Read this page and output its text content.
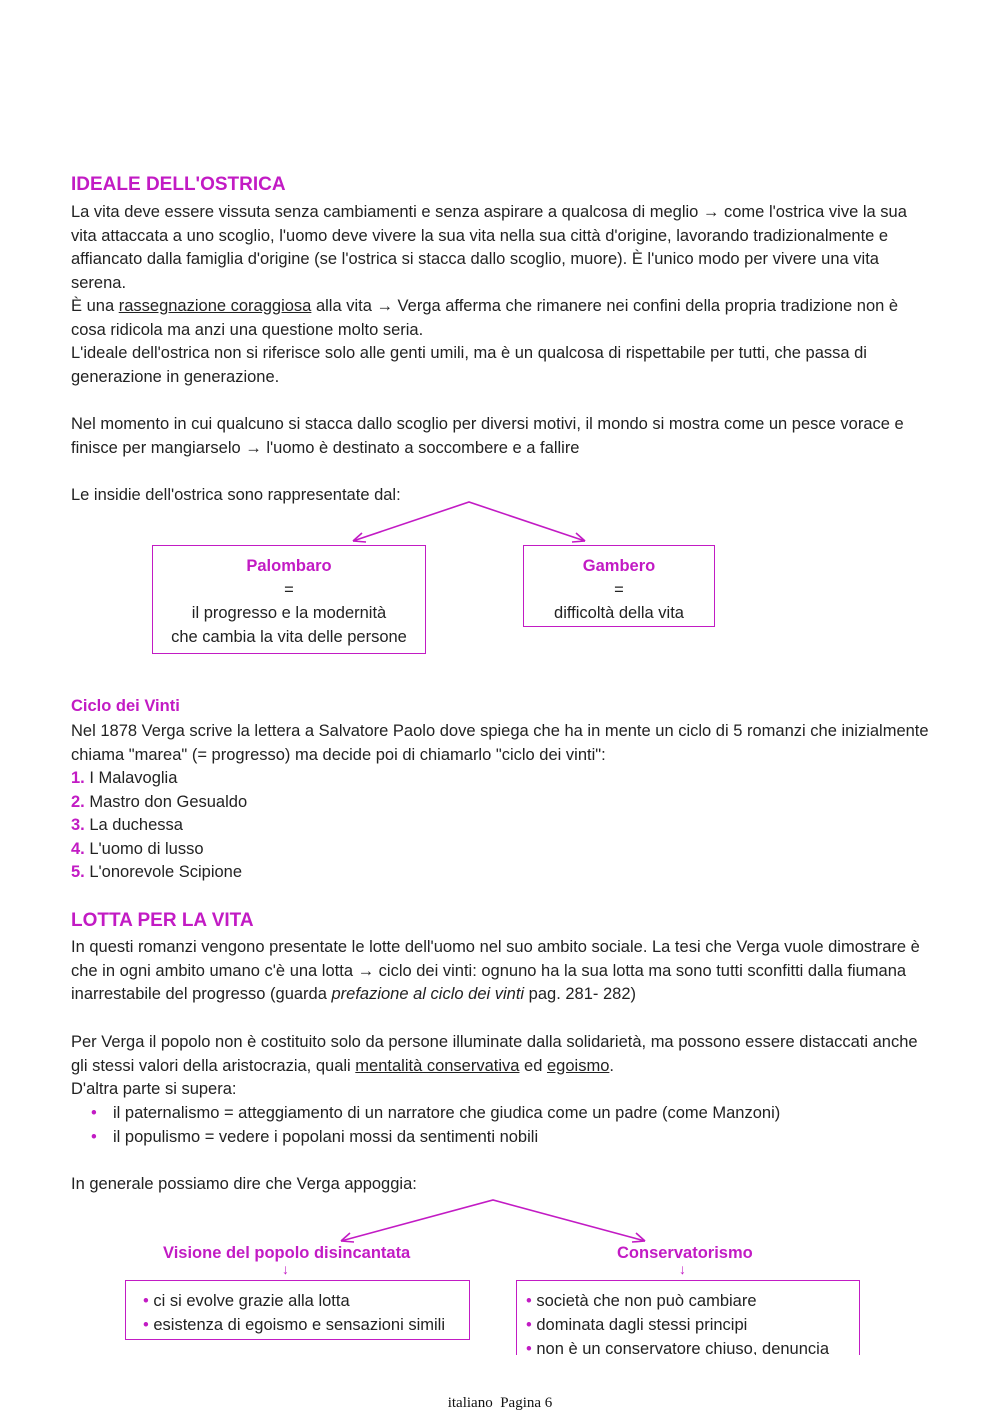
IDEALE DELL'OSTRICA

La vita deve essere vissuta senza cambiamenti e senza aspirare a qualcosa di meglio → come l'ostrica vive la sua vita attaccata a uno scoglio, l'uomo deve vivere la sua vita nella sua città d'origine, lavorando tradizionalmente e affiancato dalla famiglia d'origine (se l'ostrica si stacca dallo scoglio, muore). È l'unico modo per vivere una vita serena.

È una rassegnazione coraggiosa alla vita → Verga afferma che rimanere nei confini della propria tradizione non è cosa ridicola ma anzi una questione molto seria.

L'ideale dell'ostrica non si riferisce solo alle genti umili, ma è un qualcosa di rispettabile per tutti, che passa di generazione in generazione.

Nel momento in cui qualcuno si stacca dallo scoglio per diversi motivi, il mondo si mostra come un pesce vorace e finisce per mangiarselo → l'uomo è destinato a soccombere e a fallire

Le insidie dell'ostrica sono rappresentate dal:

Palombaro
=
il progresso e la modernità
che cambia la vita delle persone
Gambero
=
difficoltà della vita
Ciclo dei Vinti

Nel 1878 Verga scrive la lettera a Salvatore Paolo dove spiega che ha in mente un ciclo di 5 romanzi che inizialmente chiama "marea" (= progresso) ma decide poi di chiamarlo "ciclo dei vinti":

1. I Malavoglia
2. Mastro don Gesualdo
3. La duchessa
4. L'uomo di lusso
5. L'onorevole Scipione
LOTTA PER LA VITA

In questi romanzi vengono presentate le lotte dell'uomo nel suo ambito sociale. La tesi che Verga vuole dimostrare è che in ogni ambito umano c'è una lotta → ciclo dei vinti: ognuno ha la sua lotta ma sono tutti sconfitti dalla fiumana inarrestabile del progresso (guarda prefazione al ciclo dei vinti pag. 281- 282)

Per Verga il popolo non è costituito solo da persone illuminate dalla solidarietà, ma possono essere distaccati anche gli stessi valori della aristocrazia, quali mentalità conservativa ed egoismo.

D'altra parte si supera:

• il paternalismo = atteggiamento di un narratore che giudica come un padre (come Manzoni)
• il populismo = vedere i popolani mossi da sentimenti nobili

In generale possiamo dire che Verga appoggia:

Visione del popolo disincantata
↓
Conservatorismo
↓
• ci si evolve grazie alla lotta
• esistenza di egoismo e sensazioni simili
• società che non può cambiare
• dominata dagli stessi principi
• non è un conservatore chiuso, denuncia
italiano  Pagina 6
